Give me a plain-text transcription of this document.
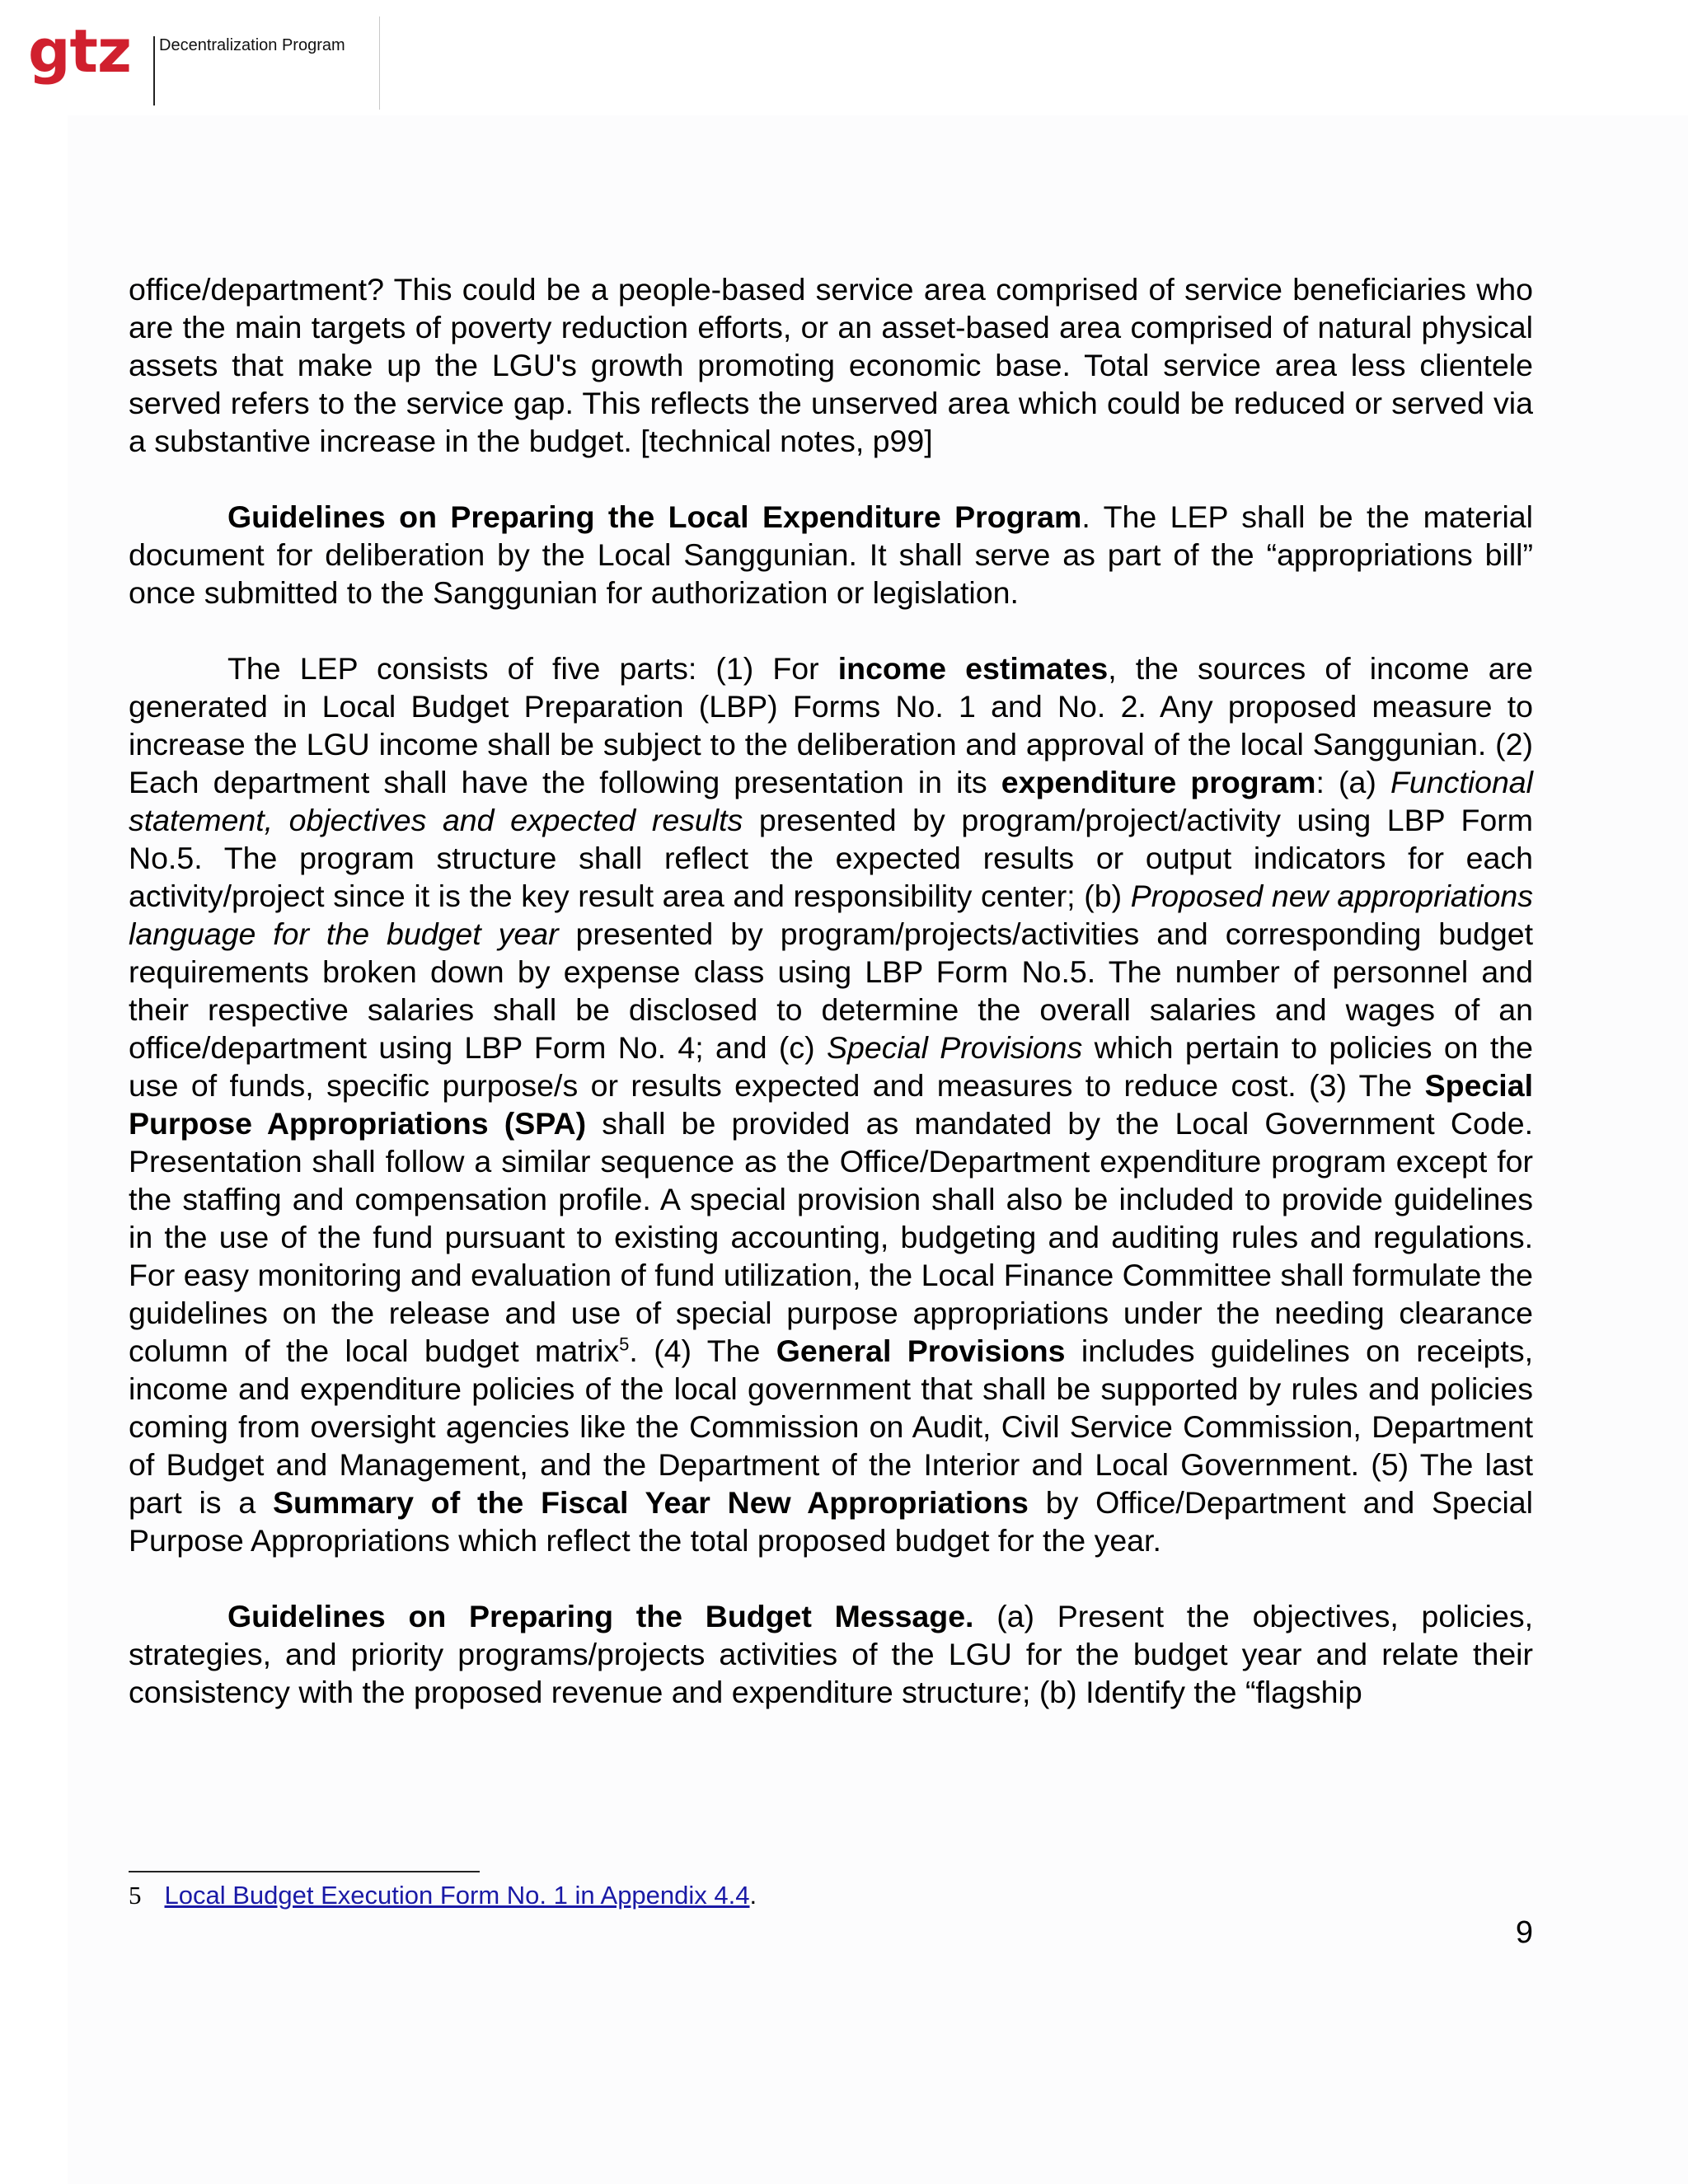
gtz Decentralization Program

office/department? This could be a people-based service area comprised of service beneficiaries who are the main targets of poverty reduction efforts, or an asset-based area comprised of natural physical assets that make up the LGU's growth promoting economic base. Total service area less clientele served refers to the service gap. This reflects the unserved area which could be reduced or served via a substantive increase in the budget. [technical notes, p99]

Guidelines on Preparing the Local Expenditure Program. The LEP shall be the material document for deliberation by the Local Sanggunian. It shall serve as part of the “appropriations bill” once submitted to the Sanggunian for authorization or legislation.

The LEP consists of five parts: (1) For income estimates, the sources of income are generated in Local Budget Preparation (LBP) Forms No. 1 and No. 2. Any proposed measure to increase the LGU income shall be subject to the deliberation and approval of the local Sanggunian. (2) Each department shall have the following presentation in its expenditure program: (a) Functional statement, objectives and expected results presented by program/project/activity using LBP Form No.5. The program structure shall reflect the expected results or output indicators for each activity/project since it is the key result area and responsibility center; (b) Proposed new appropriations language for the budget year presented by program/projects/activities and corresponding budget requirements broken down by expense class using LBP Form No.5. The number of personnel and their respective salaries shall be disclosed to determine the overall salaries and wages of an office/department using LBP Form No. 4; and (c) Special Provisions which pertain to policies on the use of funds, specific purpose/s or results expected and measures to reduce cost. (3) The Special Purpose Appropriations (SPA) shall be provided as mandated by the Local Government Code. Presentation shall follow a similar sequence as the Office/Department expenditure program except for the staffing and compensation profile. A special provision shall also be included to provide guidelines in the use of the fund pursuant to existing accounting, budgeting and auditing rules and regulations. For easy monitoring and evaluation of fund utilization, the Local Finance Committee shall formulate the guidelines on the release and use of special purpose appropriations under the needing clearance column of the local budget matrix$^5$. (4) The General Provisions includes guidelines on receipts, income and expenditure policies of the local government that shall be supported by rules and policies coming from oversight agencies like the Commission on Audit, Civil Service Commission, Department of Budget and Management, and the Department of the Interior and Local Government. (5) The last part is a Summary of the Fiscal Year New Appropriations by Office/Department and Special Purpose Appropriations which reflect the total proposed budget for the year.

Guidelines on Preparing the Budget Message. (a) Present the objectives, policies, strategies, and priority programs/projects activities of the LGU for the budget year and relate their consistency with the proposed revenue and expenditure structure; (b) Identify the “flagship

5 Local Budget Execution Form No. 1 in Appendix 4.4.
9
